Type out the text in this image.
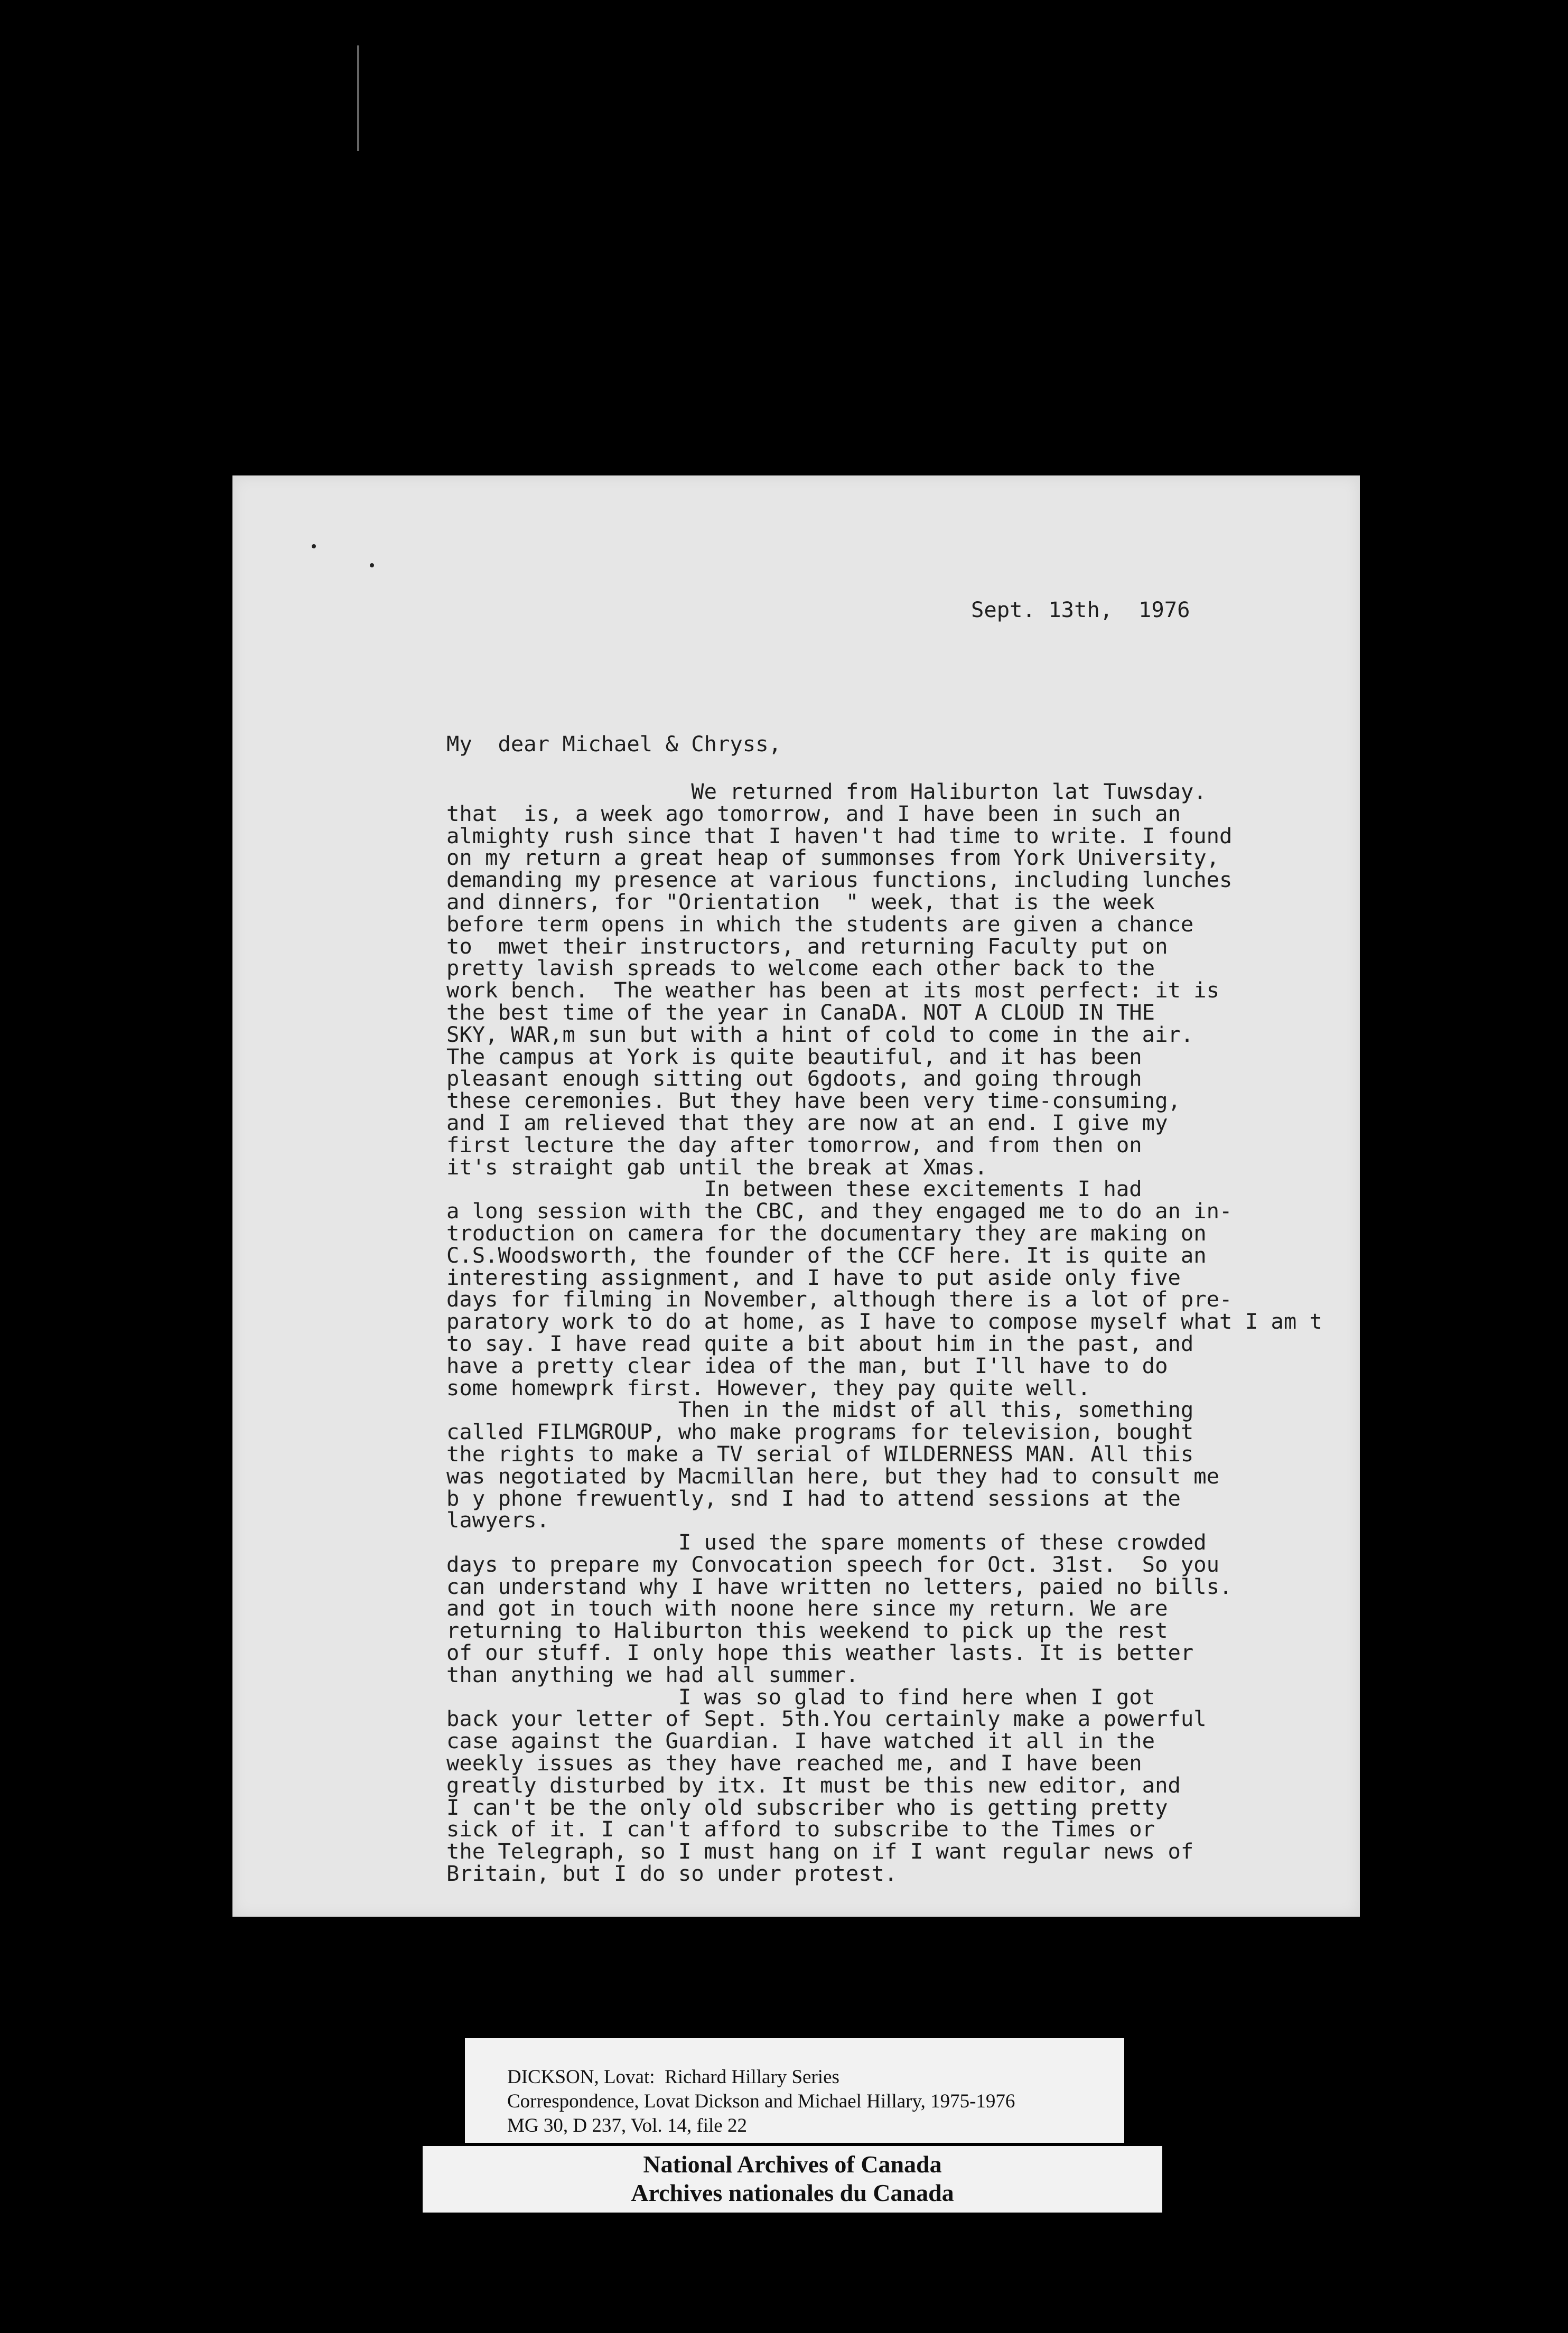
Sept. 13th,  1976
My  dear Michael & Chryss,
We returned from Haliburton lat Tuwsday.
that  is, a week ago tomorrow, and I have been in such an
almighty rush since that I haven't had time to write. I found
on my return a great heap of summonses from York University,
demanding my presence at various functions, including lunches
and dinners, for "Orientation  " week, that is the week
before term opens in which the students are given a chance
to  mwet their instructors, and returning Faculty put on
pretty lavish spreads to welcome each other back to the
work bench.  The weather has been at its most perfect: it is
the best time of the year in CanaDA. NOT A CLOUD IN THE
SKY, WAR,m sun but with a hint of cold to come in the air.
The campus at York is quite beautiful, and it has been
pleasant enough sitting out 6gdoots, and going through
these ceremonies. But they have been very time-consuming,
and I am relieved that they are now at an end. I give my
first lecture the day after tomorrow, and from then on
it's straight gab until the break at Xmas.
In between these excitements I had
a long session with the CBC, and they engaged me to do an in-
troduction on camera for the documentary they are making on
C.S.Woodsworth, the founder of the CCF here. It is quite an
interesting assignment, and I have to put aside only five
days for filming in November, although there is a lot of pre-
paratory work to do at home, as I have to compose myself what I am t
to say. I have read quite a bit about him in the past, and
have a pretty clear idea of the man, but I'll have to do
some homewprk first. However, they pay quite well.
Then in the midst of all this, something
called FILMGROUP, who make programs for television, bought
the rights to make a TV serial of WILDERNESS MAN. All this
was negotiated by Macmillan here, but they had to consult me
b y phone frewuently, snd I had to attend sessions at the
lawyers.
I used the spare moments of these crowded
days to prepare my Convocation speech for Oct. 31st.  So you
can understand why I have written no letters, paied no bills.
and got in touch with noone here since my return. We are
returning to Haliburton this weekend to pick up the rest
of our stuff. I only hope this weather lasts. It is better
than anything we had all summer.
I was so glad to find here when I got
back your letter of Sept. 5th.You certainly make a powerful
case against the Guardian. I have watched it all in the
weekly issues as they have reached me, and I have been
greatly disturbed by itx. It must be this new editor, and
I can't be the only old subscriber who is getting pretty
sick of it. I can't afford to subscribe to the Times or
the Telegraph, so I must hang on if I want regular news of
Britain, but I do so under protest.
DICKSON, Lovat:  Richard Hillary Series
Correspondence, Lovat Dickson and Michael Hillary, 1975-1976
MG 30, D 237, Vol. 14, file 22
National Archives of Canada
Archives nationales du Canada
